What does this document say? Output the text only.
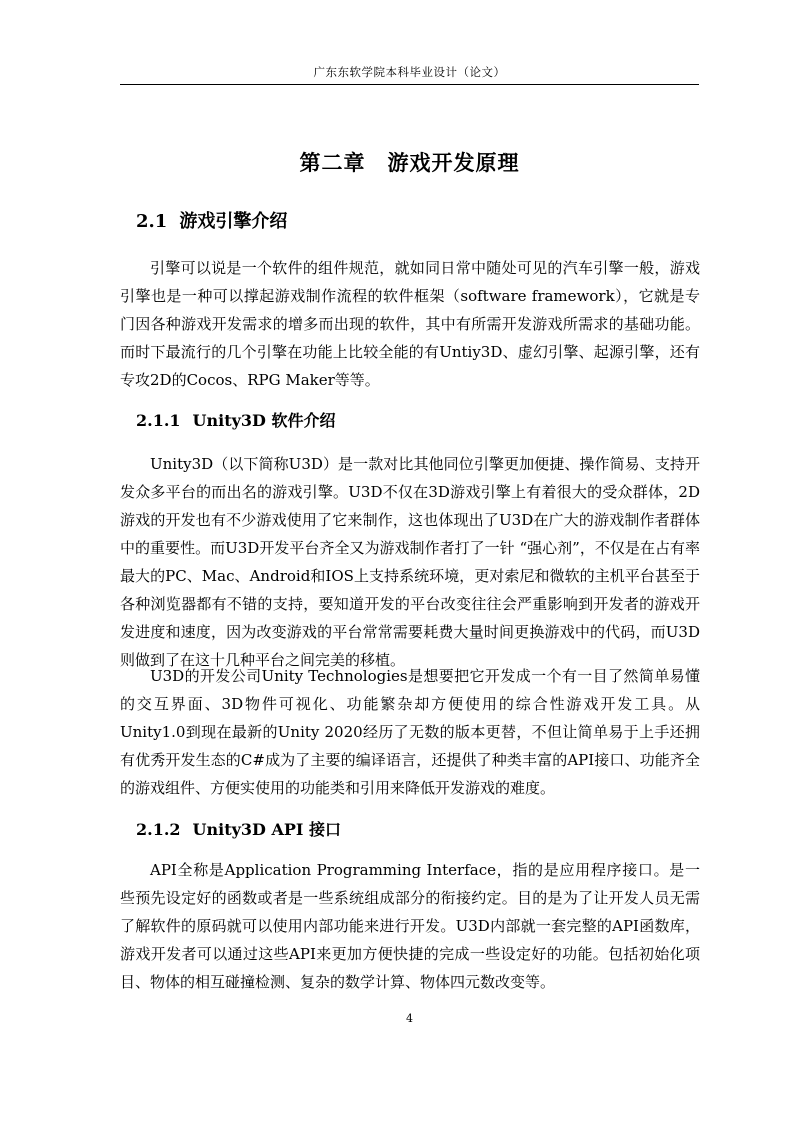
广东东软学院本科毕业设计（论文）
第二章　游戏开发原理
2.1 游戏引擎介绍

引擎可以说是一个软件的组件规范，就如同日常中随处可见的汽车引擎一般，游戏引擎也是一种可以撑起游戏制作流程的软件框架（software framework），它就是专门因各种游戏开发需求的增多而出现的软件，其中有所需开发游戏所需求的基础功能。而时下最流行的几个引擎在功能上比较全能的有Untiy3D、虚幻引擎、起源引擎，还有专攻2D的Cocos、RPG Maker等等。

2.1.1 Unity3D 软件介绍

Unity3D（以下简称U3D）是一款对比其他同位引擎更加便捷、操作简易、支持开发众多平台的而出名的游戏引擎。U3D不仅在3D游戏引擎上有着很大的受众群体，2D游戏的开发也有不少游戏使用了它来制作，这也体现出了U3D在广大的游戏制作者群体中的重要性。而U3D开发平台齐全又为游戏制作者打了一针 “强心剂”，不仅是在占有率最大的PC、Mac、Android和IOS上支持系统环境，更对索尼和微软的主机平台甚至于各种浏览器都有不错的支持，要知道开发的平台改变往往会严重影响到开发者的游戏开发进度和速度，因为改变游戏的平台常常需要耗费大量时间更换游戏中的代码，而U3D则做到了在这十几种平台之间完美的移植。

U3D的开发公司Unity Technologies是想要把它开发成一个有一目了然简单易懂的交互界面、3D物件可视化、功能繁杂却方便使用的综合性游戏开发工具。从Unity1.0到现在最新的Unity 2020经历了无数的版本更替，不但让简单易于上手还拥有优秀开发生态的C#成为了主要的编译语言，还提供了种类丰富的API接口、功能齐全的游戏组件、方便实使用的功能类和引用来降低开发游戏的难度。

2.1.2 Unity3D API 接口

API全称是Application Programming Interface，指的是应用程序接口。是一些预先设定好的函数或者是一些系统组成部分的衔接约定。目的是为了让开发人员无需了解软件的原码就可以使用内部功能来进行开发。U3D内部就一套完整的API函数库，游戏开发者可以通过这些API来更加方便快捷的完成一些设定好的功能。包括初始化项目、物体的相互碰撞检测、复杂的数学计算、物体四元数改变等。

4
